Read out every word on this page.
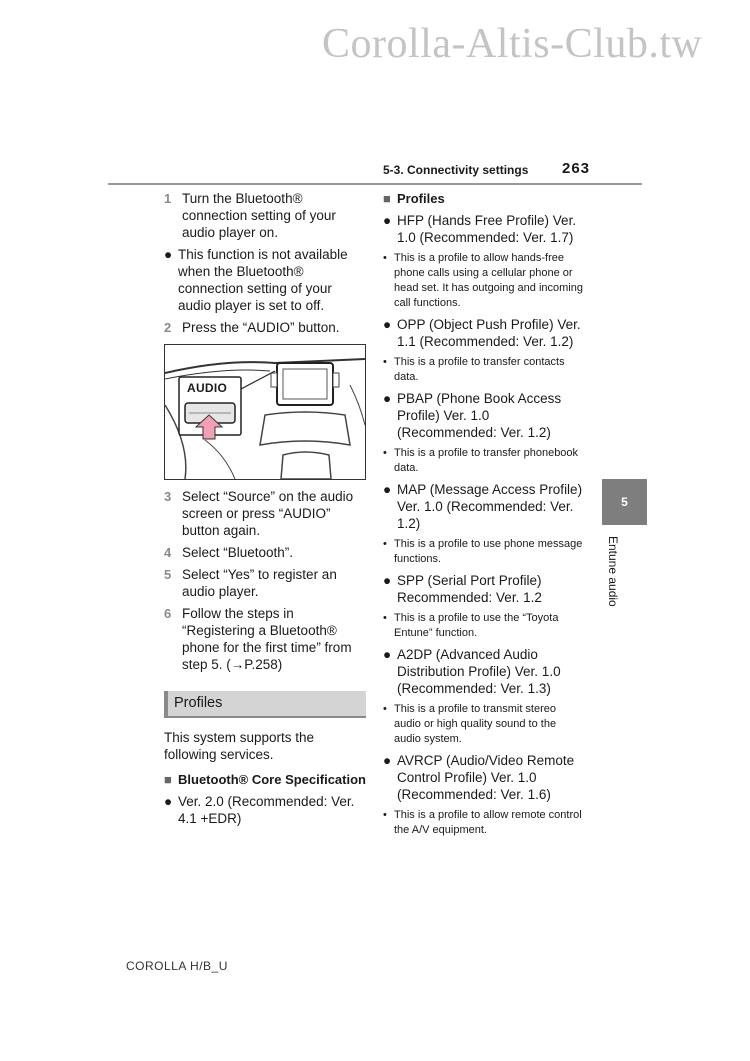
Corolla-Altis-Club.tw
5-3. Connectivity settings 263
1 Turn the Bluetooth® connection setting of your audio player on.
● This function is not available when the Bluetooth® connection setting of your audio player is set to off.
2 Press the “AUDIO” button.
AUDIO
3 Select “Source” on the audio screen or press “AUDIO” button again.
4 Select “Bluetooth”.
5 Select “Yes” to register an audio player.
6 Follow the steps in “Registering a Bluetooth® phone for the first time” from step 5. (→P.258)
Profiles
This system supports the following services.
■ Bluetooth® Core Specification
● Ver. 2.0 (Recommended: Ver. 4.1 +EDR)
■ Profiles
● HFP (Hands Free Profile) Ver. 1.0 (Recommended: Ver. 1.7)
• This is a profile to allow hands-free phone calls using a cellular phone or head set. It has outgoing and incoming call functions.
● OPP (Object Push Profile) Ver. 1.1 (Recommended: Ver. 1.2)
• This is a profile to transfer contacts data.
● PBAP (Phone Book Access Profile) Ver. 1.0 (Recommended: Ver. 1.2)
• This is a profile to transfer phonebook data.
● MAP (Message Access Profile) Ver. 1.0 (Recommended: Ver. 1.2)
• This is a profile to use phone message functions.
● SPP (Serial Port Profile) Recommended: Ver. 1.2
• This is a profile to use the “Toyota Entune” function.
● A2DP (Advanced Audio Distribution Profile) Ver. 1.0 (Recommended: Ver. 1.3)
• This is a profile to transmit stereo audio or high quality sound to the audio system.
● AVRCP (Audio/Video Remote Control Profile) Ver. 1.0 (Recommended: Ver. 1.6)
• This is a profile to allow remote control the A/V equipment.
5
Entune audio
COROLLA H/B_U
